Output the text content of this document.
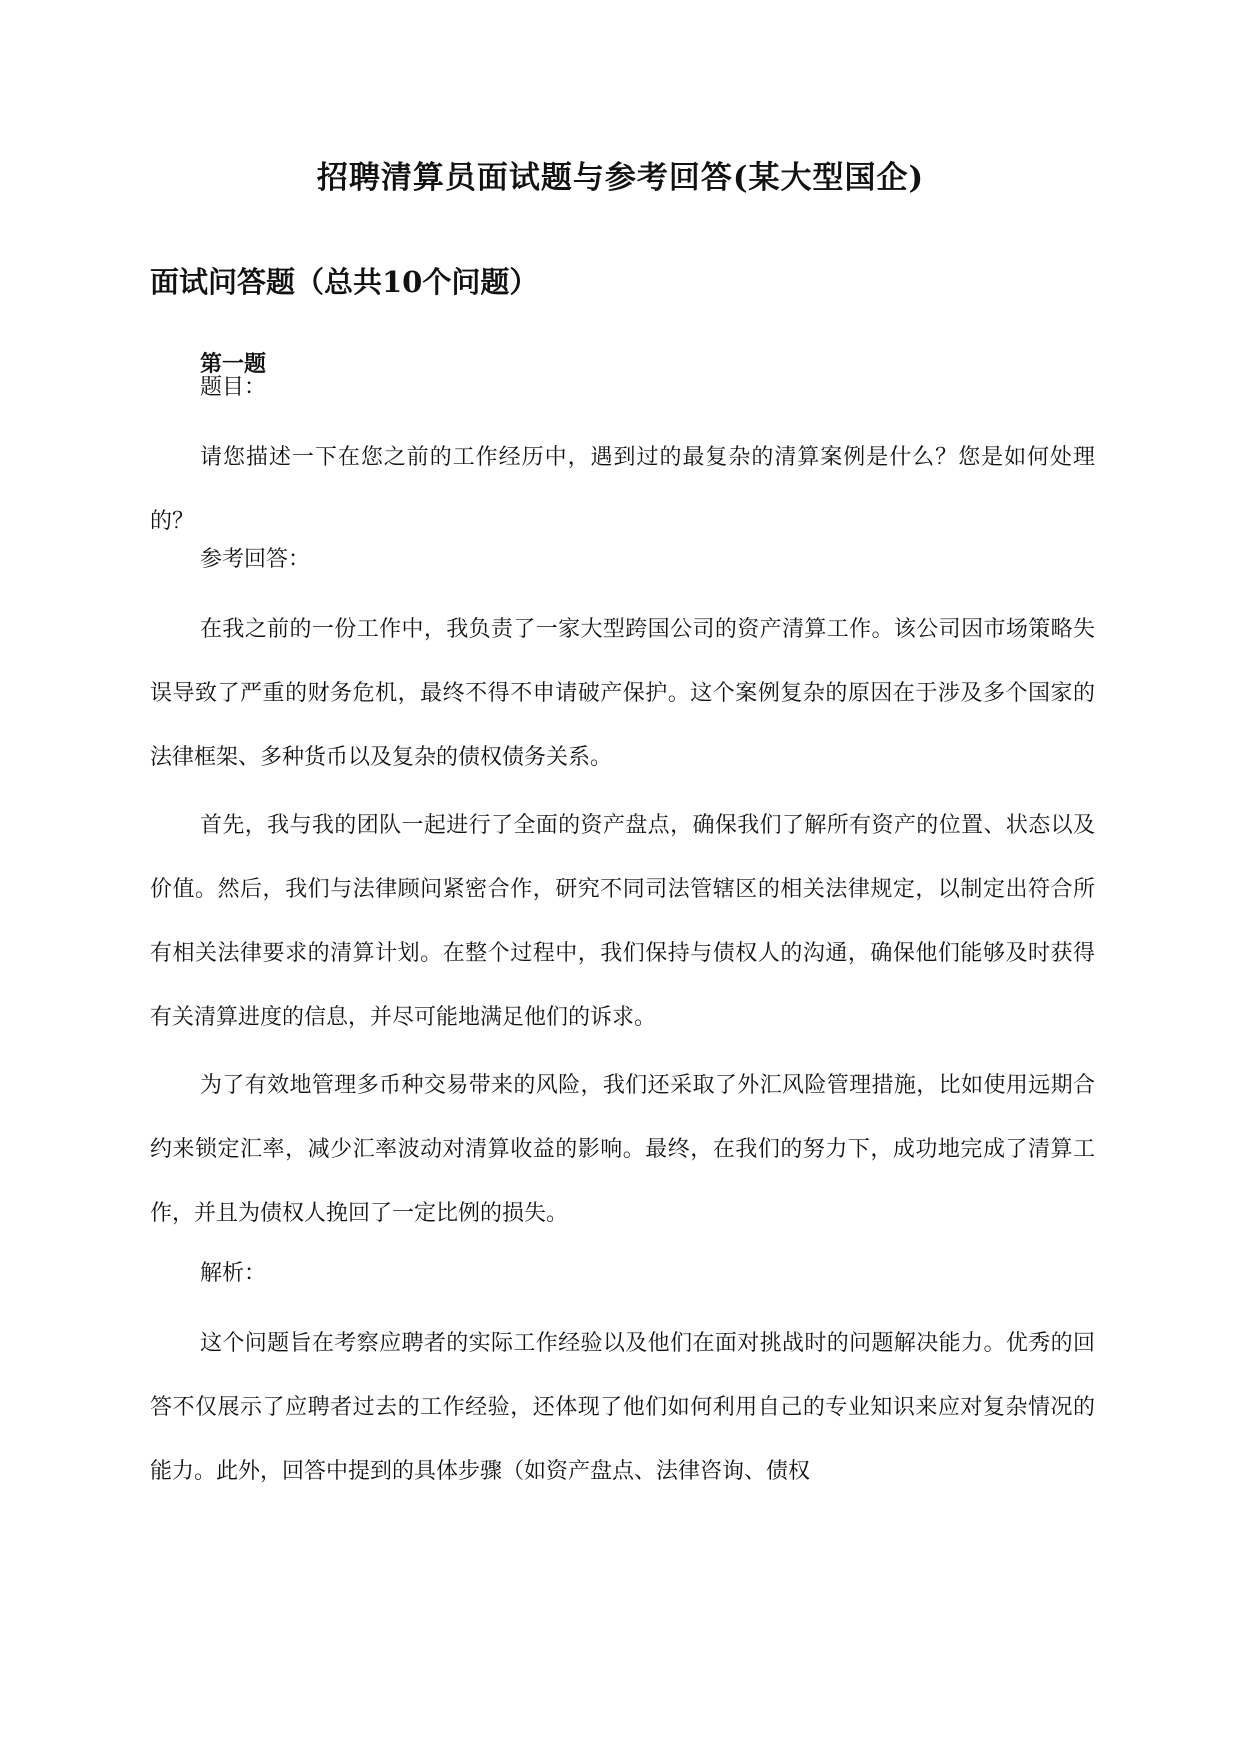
招聘清算员面试题与参考回答(某大型国企)
面试问答题（总共10个问题）
第一题
题目：

请您描述一下在您之前的工作经历中，遇到过的最复杂的清算案例是什么？您是如何处理的？

参考回答：

在我之前的一份工作中，我负责了一家大型跨国公司的资产清算工作。该公司因市场策略失误导致了严重的财务危机，最终不得不申请破产保护。这个案例复杂的原因在于涉及多个国家的法律框架、多种货币以及复杂的债权债务关系。

首先，我与我的团队一起进行了全面的资产盘点，确保我们了解所有资产的位置、状态以及价值。然后，我们与法律顾问紧密合作，研究不同司法管辖区的相关法律规定，以制定出符合所有相关法律要求的清算计划。在整个过程中，我们保持与债权人的沟通，确保他们能够及时获得有关清算进度的信息，并尽可能地满足他们的诉求。

为了有效地管理多币种交易带来的风险，我们还采取了外汇风险管理措施，比如使用远期合约来锁定汇率，减少汇率波动对清算收益的影响。最终，在我们的努力下，成功地完成了清算工作，并且为债权人挽回了一定比例的损失。

解析：

这个问题旨在考察应聘者的实际工作经验以及他们在面对挑战时的问题解决能力。优秀的回答不仅展示了应聘者过去的工作经验，还体现了他们如何利用自己的专业知识来应对复杂情况的能力。此外，回答中提到的具体步骤（如资产盘点、法律咨询、债权
